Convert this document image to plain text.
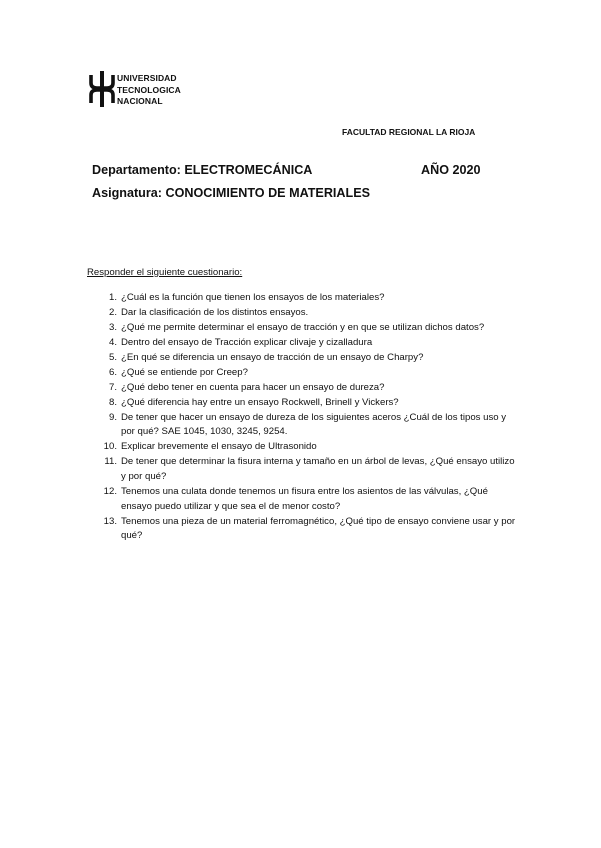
UNIVERSIDAD
TECNOLOGICA
NACIONAL
FACULTAD REGIONAL LA RIOJA
Departamento: ELECTROMECÁNICA	AÑO 2020
Asignatura: CONOCIMIENTO DE MATERIALES
Responder el siguiente cuestionario:
1. ¿Cuál es la función que tienen los ensayos de los materiales?
2. Dar la clasificación de los distintos ensayos.
3. ¿Qué me permite determinar el ensayo de tracción y en que se utilizan dichos datos?
4. Dentro del ensayo de Tracción explicar clivaje y cizalladura
5. ¿En qué se diferencia un ensayo de tracción de un ensayo de Charpy?
6. ¿Qué se entiende por Creep?
7. ¿Qué debo tener en cuenta para hacer un ensayo de dureza?
8. ¿Qué diferencia hay entre un ensayo Rockwell, Brinell y Vickers?
9. De tener que hacer un ensayo de dureza de los siguientes aceros ¿Cuál de los tipos uso y por qué? SAE 1045, 1030, 3245, 9254.
10. Explicar brevemente el ensayo de Ultrasonido
11. De tener que determinar la fisura interna y tamaño en un árbol de levas, ¿Qué ensayo utilizo y por qué?
12. Tenemos una culata donde tenemos un fisura entre los asientos de las válvulas, ¿Qué ensayo puedo utilizar y que sea el de menor costo?
13. Tenemos una pieza de un material ferromagnético, ¿Qué tipo de ensayo conviene usar y por qué?
